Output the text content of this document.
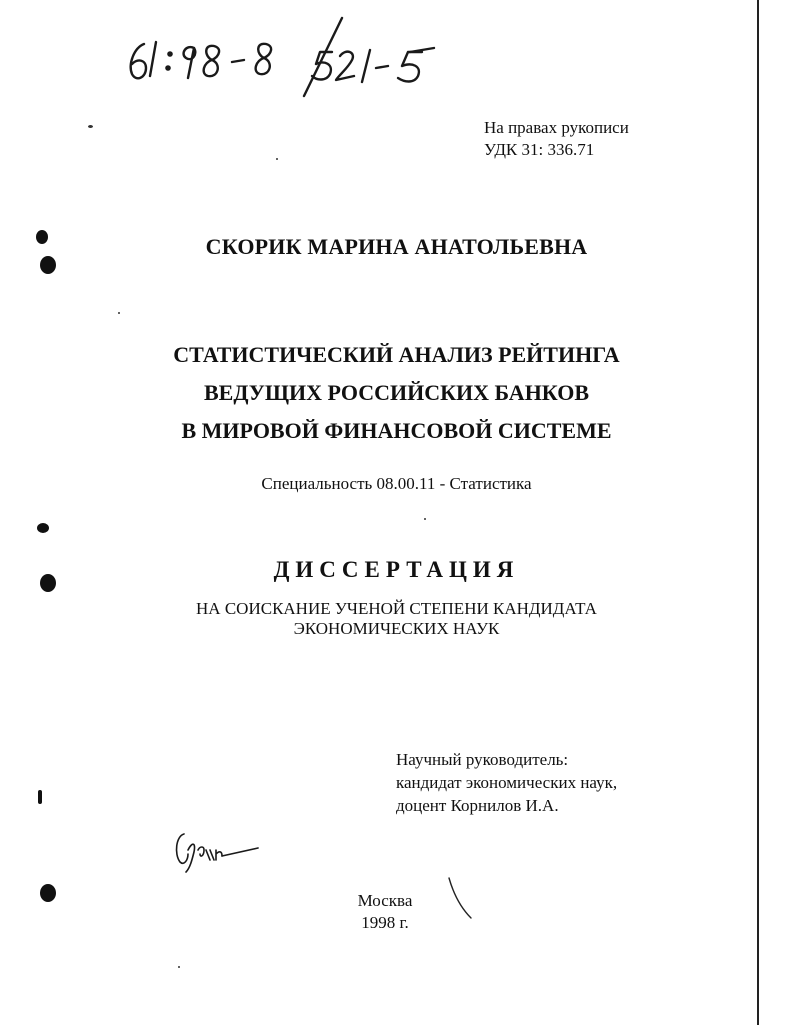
На правах рукописи
УДК 31: 336.71
СКОРИК МАРИНА АНАТОЛЬЕВНА
СТАТИСТИЧЕСКИЙ АНАЛИЗ РЕЙТИНГА
ВЕДУЩИХ РОССИЙСКИХ БАНКОВ
В МИРОВОЙ ФИНАНСОВОЙ СИСТЕМЕ
Специальность 08.00.11 - Статистика
ДИССЕРТАЦИЯ
НА СОИСКАНИЕ УЧЕНОЙ СТЕПЕНИ КАНДИДАТА
ЭКОНОМИЧЕСКИХ НАУК
Научный руководитель:
кандидат экономических наук,
доцент Корнилов И.А.
Москва
1998 г.
